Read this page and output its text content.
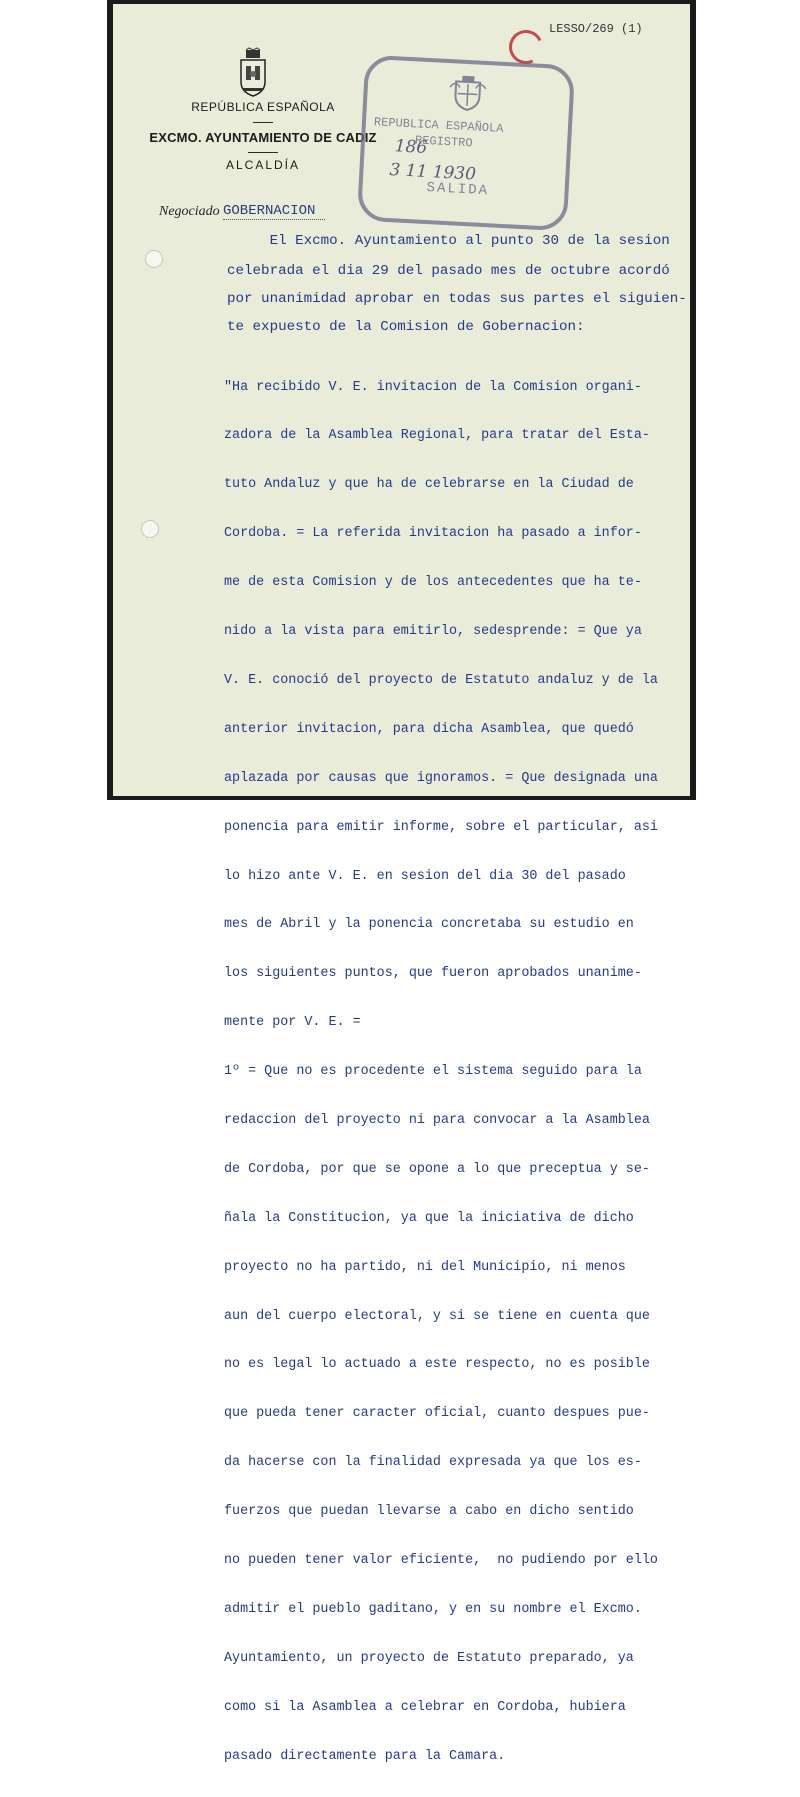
REPÚBLICA ESPAÑOLA
EXCMO. AYUNTAMIENTO DE CADIZ
ALCALDÍA
LESSO/269 (1)
REPUBLICA ESPAÑOLA
REGISTRO
SALIDA
186
3 11 1930
Negociado GOBERNACION
El Excmo. Ayuntamiento al punto 30 de la sesion
celebrada el dia 29 del pasado mes de octubre acordó
por unanimidad aprobar en todas sus partes el siguien-
te expuesto de la Comision de Gobernacion:

"Ha recibido V. E. invitacion de la Comision organi-

zadora de la Asamblea Regional, para tratar del Esta-

tuto Andaluz y que ha de celebrarse en la Ciudad de

Cordoba. = La referida invitacion ha pasado a infor-

me de esta Comision y de los antecedentes que ha te-

nido a la vista para emitirlo, sedesprende: = Que ya

V. E. conoció del proyecto de Estatuto andaluz y de la

anterior invitacion, para dicha Asamblea, que quedó

aplazada por causas que ignoramos. = Que designada una

ponencia para emitir informe, sobre el particular, asi

lo hizo ante V. E. en sesion del dia 30 del pasado

mes de Abril y la ponencia concretaba su estudio en

los siguientes puntos, que fueron aprobados unanime-

mente por V. E. =

1º = Que no es procedente el sistema seguido para la

redaccion del proyecto ni para convocar a la Asamblea

de Cordoba, por que se opone a lo que preceptua y se-

ñala la Constitucion, ya que la iniciativa de dicho

proyecto no ha partido, ni del Municipio, ni menos

aun del cuerpo electoral, y si se tiene en cuenta que

no es legal lo actuado a este respecto, no es posible

que pueda tener caracter oficial, cuanto despues pue-

da hacerse con la finalidad expresada ya que los es-

fuerzos que puedan llevarse a cabo en dicho sentido

no pueden tener valor eficiente,  no pudiendo por ello

admitir el pueblo gaditano, y en su nombre el Excmo.

Ayuntamiento, un proyecto de Estatuto preparado, ya

como si la Asamblea a celebrar en Cordoba, hubiera

pasado directamente para la Camara.
